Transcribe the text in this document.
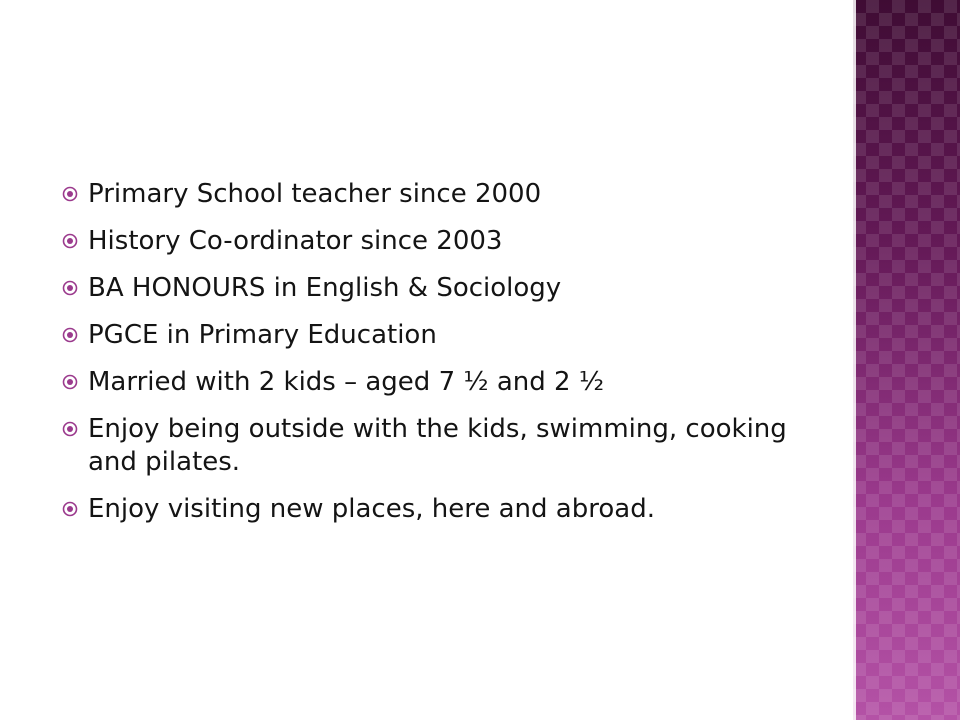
Primary School teacher since 2000
History Co-ordinator since 2003
BA HONOURS in English & Sociology
PGCE in Primary Education
Married with 2 kids – aged 7 ½ and 2 ½
Enjoy being outside with the kids, swimming, cooking and pilates.
Enjoy visiting new places, here and abroad.
